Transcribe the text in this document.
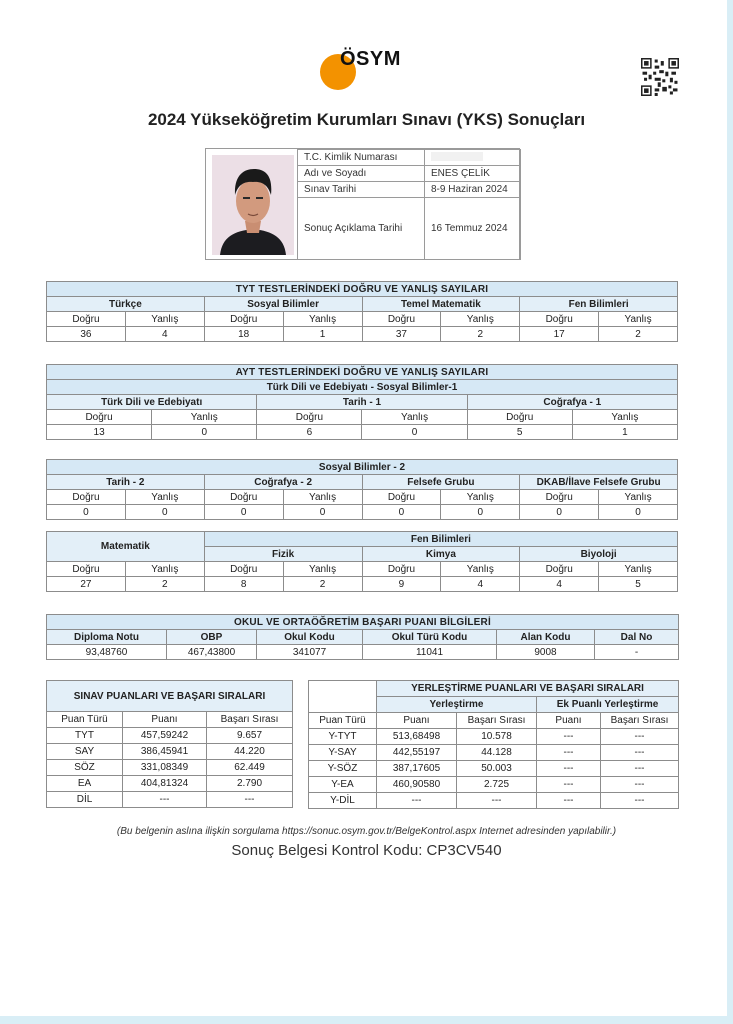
ÖSYM
2024 Yükseköğretim Kurumları Sınavı (YKS) Sonuçları
T.C. Kimlik Numarası	
Adı ve Soyadı	ENES ÇELİK
Sınav Tarihi	8-9 Haziran 2024
Sonuç Açıklama Tarihi	16 Temmuz 2024
TYT TESTLERİNDEKİ DOĞRU VE YANLIŞ SAYILARI							
Türkçe		Sosyal Bilimler		Temel Matematik		Fen Bilimleri	
Doğru	Yanlış	Doğru	Yanlış	Doğru	Yanlış	Doğru	Yanlış
36	4	18	1	37	2	17	2
AYT TESTLERİNDEKİ DOĞRU VE YANLIŞ SAYILARI					
Türk Dili ve Edebiyatı - Sosyal Bilimler-1					
Türk Dili ve Edebiyatı		Tarih - 1		Coğrafya - 1	
Doğru	Yanlış	Doğru	Yanlış	Doğru	Yanlış
13	0	6	0	5	1
Sosyal Bilimler - 2							
Tarih - 2		Coğrafya - 2		Felsefe Grubu		DKAB/İlave Felsefe Grubu	
Doğru	Yanlış	Doğru	Yanlış	Doğru	Yanlış	Doğru	Yanlış
0	0	0	0	0	0	0	0
Matematik		Fen Bilimleri					
		Fizik		Kimya		Biyoloji	
Doğru	Yanlış	Doğru	Yanlış	Doğru	Yanlış	Doğru	Yanlış
27	2	8	2	9	4	4	5
OKUL VE ORTAÖĞRETİM BAŞARI PUANI BİLGİLERİ					
Diploma Notu	OBP	Okul Kodu	Okul Türü Kodu	Alan Kodu	Dal No
93,48760	467,43800	341077	11041	9008	-
SINAV PUANLARI VE BAŞARI SIRALARI		
Puan Türü	Puanı	Başarı Sırası
TYT	457,59242	9.657
SAY	386,45941	44.220
SÖZ	331,08349	62.449
EA	404,81324	2.790
DİL	---	---
	YERLEŞTİRME PUANLARI VE BAŞARI SIRALARI			
	Yerleştirme		Ek Puanlı Yerleştirme	
Puan Türü	Puanı	Başarı Sırası	Puanı	Başarı Sırası
Y-TYT	513,68498	10.578	---	---
Y-SAY	442,55197	44.128	---	---
Y-SÖZ	387,17605	50.003	---	---
Y-EA	460,90580	2.725	---	---
Y-DİL	---	---	---	---
(Bu belgenin aslına ilişkin sorgulama https://sonuc.osym.gov.tr/BelgeKontrol.aspx Internet adresinden yapılabilir.)
Sonuç Belgesi Kontrol Kodu: CP3CV540
